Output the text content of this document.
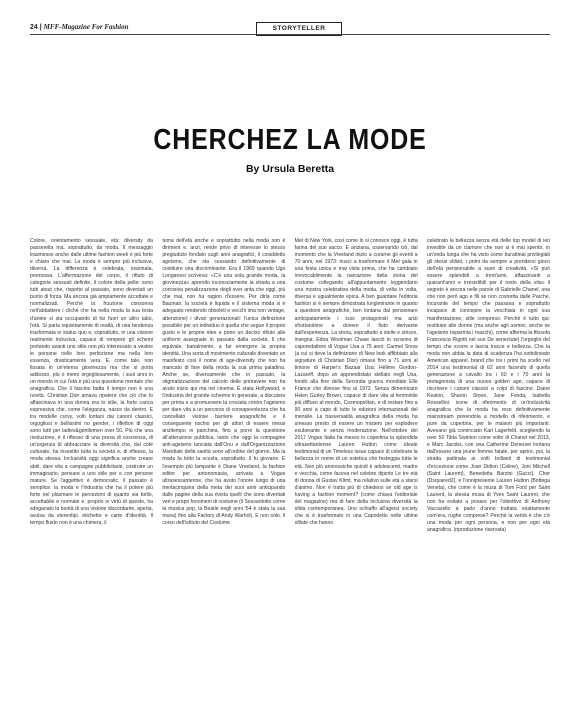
24 | MFF-Magazine For Fashion	STORYTELLER
CHERCHEZ LA MODE
By Ursula Beretta
Colore, orientamento sessuale, età: diversity da passerella ma, soprattutto, da moda. Il messaggio trasmesso anche dalle ultime fashion week è più forte e chiaro che mai. La moda è sempre più inclusiva, diversa. La differenza è celebrata, osannata, promossa. L'affermazione del corpo, il rifiuto di categorie sessuali definite, il colore della pelle: sono tutti atout che, rispetto al passato, sono diventati un punto di forza. Ma ancora già ampiamente accettate e normalizzati. Perché la fruizione consonna nell'abbattere i cliché che ha nella moda la sua testa d'ariete si sta occupando di far fuori un altro tabù, l'età. Si parla squisitamente di realtà, di una tendenza trasformata in status quo e, soprattutto, in una visione realmente inclusiva, capace di rompere gli schemi portando avanti uno stile non più interessato a vestire le persone nelle loro perfezione ma nella loro essenza, drasticamente vera. E, come tale, non fissata in un'eterna giovinezza ma che si porta addosso, più o meno orgogliosamente, i suoi anni in un mondo in cui l'età è più una questione mentale che anagrafica. Che il fascino batta il tempo non è una novità. Christian Dior amava ripetere che ciò che lo affascinava in una donna era lo stile, la forte carica espressiva che, come l'eleganza, nasce da dentro. E tra modelle curvy, volti lontani dai canoni classici, orgogliosi e bellissimi no gender, i riflettori di oggi sono tutti per ladies&gentlemen over 50. Più che una rivoluzione, è il riflesso di una presa di coscienza, di un'urgenza di abbracciare la diversità che, dal coté culturale, ha investito tutta la società e, di riflesso, la moda stessa. Inclusività oggi significa anche creare abiti, dare vita a campagne pubblicitarie, costruire un immaginario, pensare a uno stile per e con persone mature. Se l'aggettivo è democratic, il passato è semplice: la moda e l'industria che ha il potere più forte nel plasmare le percezioni di quanto sia bello, accettabile e normale e, proprio in virtù di questo, ha sdoganato la bontà di una visione discordante, aperta, avulsa da stereotipi, etichette e carte d'identità. Il tempo fluido non è una chimera, il
tema dell'età anche e soprattutto nella moda non è diriment e, anzi, rende privo di interesse lo stesso pregiudizio fondato sugli anni anagrafici, il cosiddetto ageismo, che sta cessando definitivamente di costituire una discriminante. Era il 1969 quando Ugo Longanesi scriveva: «C'è una sola grande moda, la giovinezza» aprendo inconsciamente la strada a una corrosiva penalizzazione degli over anta che oggi, più che mai, non ha ragion d'essere. Per dirla come Bauman, la società è liquida e il sistema moda si è adeguato rendendo obsoleti e vecchi ima non vintage, attenzione) i divari generazionali: l'unica definizione possibile per un individuo è quella che segue il proprio gusto e le proprie idee e pone un deciso rifiuto alle uniformi assegnate in passato dalla società. Il che equivale, banalmente, a far emergere la propria identità. Una sorta di movimento culturale diventato un manifesto così il nome di age-diversity che non ha mancato di fare della moda la sua prima paladina. Anche se, diversamente che in passato, la stigmatizzazione del calcolo delle primavere non ha avuto inizio qui ma nel cinema. È stata Hollywood, e l'industria del grande schermo in generale, a discutere per prima e a promuovere la crociata contro l'ageismo per dare vita a un percorso di consapevolezza che ha cancellato vistose barriere anagrafiche e il conseguente rischio per gli attori di essere messi anzitempo in panchina, fino a porre la questione all'attenzione pubblica, tanto che oggi la compagine anti-ageismo lanciata dall'Onu e dall'Organizzazione Mondiale della sanità sono all'ordine del giorno. Ma la moda fa tutto la scuola, soprattutto. Il fu giovane. E l'esempio più lampante è Diane Vreeland, la fashion editor per antonomasia, arrivata a Vogue ultrasessantenne, che ha avuto l'onore lungo di una trentacinquina della meta dei suoi anni anticipando dalle pagine della sua rivista quelli che sono diventati veri e propri fenomeni di costume (il Sessantotto come la musica pop, la Beatle negli anni '54 è stata la sua musa) fino alla Factory di Andy Warhol). E non solo. Il corso dell'istituto del Costume
Met di New York, così come lo si conosce oggi, è tutta farina del suo sacco. E anziana, osservando ciò, dal momento che la Vreeland inizio a curarne gli eventi a 70 anni, nel 1973: riuscì a trasformare il Met gala in una festa unica e mai vista prima, che ha cambiato irrevocabilmente la narrazione della storia del costume collegando all'appuntamento leggendario una mostra celebrativa della moda, di volta in volta, diversa e ugualmente epica. A ben guardare l'editoria fashion si è sempre dimostrata lungimirante in quanto a questioni anagrafiche, ben lontana dal pensionare anticipatamente i suoi protagonisti ma anzi sfruttandone a dovere il fiuto derivante dall'esperienza. La storia, soprattutto a stelle e strisce, insegna: Edna Woolman Chase lasciò lo scranno di caporedattore di Vogue Usa a 75 anni; Carmel Snow (a cui si deve la definizione di New look affibbiato alla signature di Christian Dior) rimase fino a 71 anni al timone di Harper's Bazaar Usa; Hélène Gordon-Lazareff, dopo un apprendistato stellato negli Usa, fondò alla fine della Seconda guerra mondiale Elle France che diresse fino al 1972. Senza dimenticare Helen Gurley Brown, capace di dare vita al femminile più diffuso al mondo, Cosmopolitan, e di restare fino a 90 anni a capo di tutte le edizioni internazionali del mensile. La trasversalità anagrafica della moda ha smesso presto di essere un mistero per esplodere esuberante e senza moderazione. Nell'ottobre del 2017 Vogue Italia ha messo in copertina la splendida ultrasettantenne Lauren Hutton come ideale testimonial di un Timeless issue capace di celebrare la bellezza in nome di un estetica che festeggia tutte le età. Non più anoressiche quindi è adolescenti, madre e vecchia, come faceva nel celebre dipinto Le tre età di donna di Gustav Klimt, ma relativo sulle età a starsi d'animo. Non è tratta più di chiedersi se old age is having a fashion moment? (come chiava l'editoriale del magazine) ma di fare della inclusiva diversità la sfida contemporanea. Uno schiaffo all'ageist society che si è trasformato in una Capodetto nelle ultime sfilate che hanno
celebrato la bellezza senza età delle top model di ieri investite da un clamore che non si è mai spento, in un'onda lunga che ha visto come burattinai privilegiati gli stessi stilisti, i primi da sempre a prendersi gioco dell'età pensionabile a suon di creatività. «Si può essere splendidi a trent'anni, affascinanti a quarant'anni e irresistibili per il resto della vita» il segreto è ancora nelle parole di Gabrielle Chanel, una che non però ago e fili se non costretta dalle Parche, incurante del tempo che passava e soprattutto incapace di concepire la vecchiaia in ogni sua manifestazione, stile compreso. Perché è tutto qui: restituire alle donne (ma anche agli uomini, anche se l'ageismo risparmia i maschi), come afferma la filosofa Francesca Rigotti nel suo De senectute) l'orgoglio del tempo che scorre e lascia tracce e bellezza. Che la moda non abbia la data di scadenza l'ha sottolineato American apparel, brand che tra i primi ha scelto nel 2014 una testimonial di 62 anni facendo di quella generazione a cavallo tra i 60 e i 70 anni la protagonista di una nuova golden age, capace di riscrivere i canoni classici a colpi di fascino. Diane Keaton, Sharon Stone, Jane Fonda, Isabella Rossellini: icone di riferimento di un'inclusività anagrafica che la moda ha reso definitivamente mainstream ponendola a modello di riferimento, e pure da copertina, per le maison più importanti. Avevano già cominciato Karl Lagerfeld, scegliendo la over 50 Tilda Swinton come volto di Chanel nel 2013, e Marc Jacobs, con una Catherine Deneuve lontana dall'essere una jeune femme fatale, per aprire, poi, la strada pattinata ai volti brillanti di testimonial d'eccezione come Joan Didion (Celine), Joni Mitchell (Saint Laurent), Benedetta Barzini (Gucci), Cher (Dsquared2), e l'onnipresente Lauren Hutton (Bottega Veneta), che come è la musa di Tom Ford per Saint Laurent, la stessa musa di Yves Saint Laurent, che non ha esitato a posare per l'obiettivo di Anthony Vaccarello a parlo d'anno trattata esattamente com'era, rughe comprese? Perché la verità è che c'è una moda per ogni persona, e non per ogni età anagrafica. (riproduzione riservata)
